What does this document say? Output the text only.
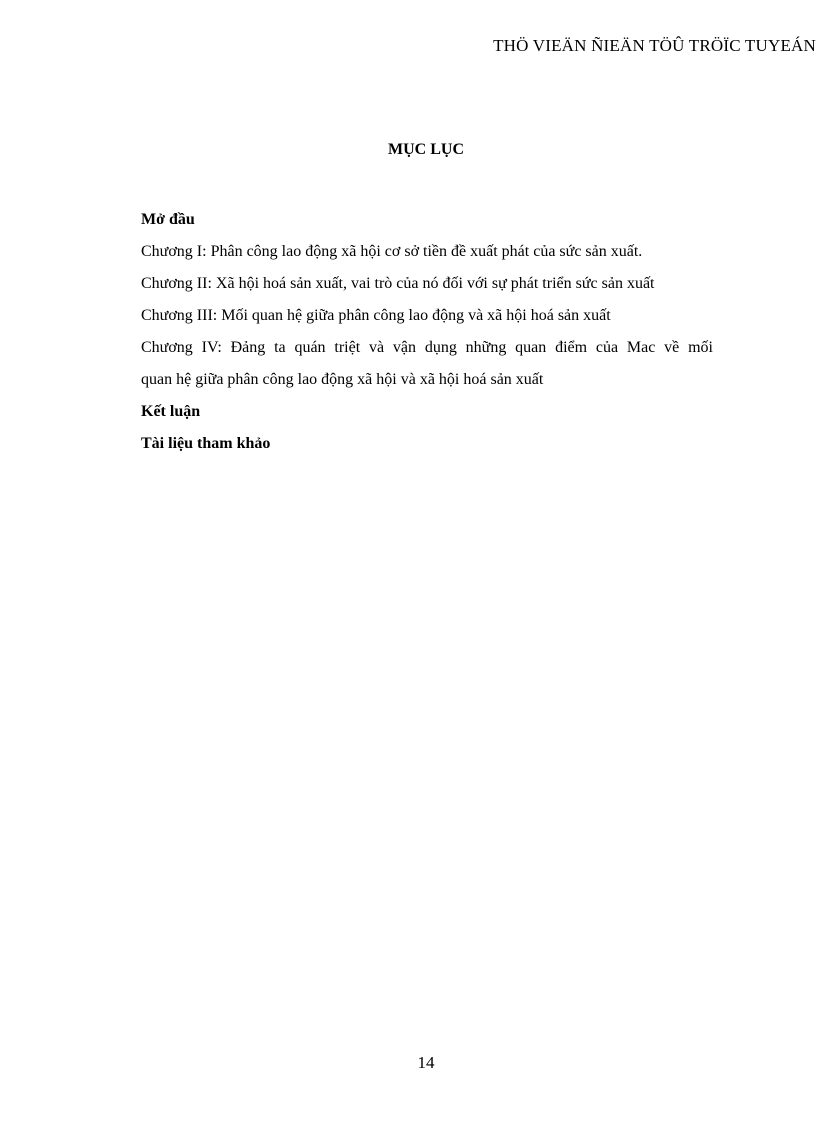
THÖ VIEÄN ÑIEÄN TÖÛ TRÖÏC TUYEÁN
MỤC LỤC
Mở đầu
Chương I: Phân công lao động xã hội cơ sở tiền đề xuất phát của sức sản xuất.
Chương II: Xã hội hoá sản xuất, vai trò của nó đối với sự phát triển sức sản xuất
Chương III: Mối quan hệ giữa phân công lao động và xã hội hoá sản xuất
Chương IV: Đảng ta quán triệt và vận dụng những quan điểm của Mac về mối
quan hệ giữa phân công lao động xã hội và xã hội hoá sản xuất
Kết luận
Tài liệu tham khảo
14
